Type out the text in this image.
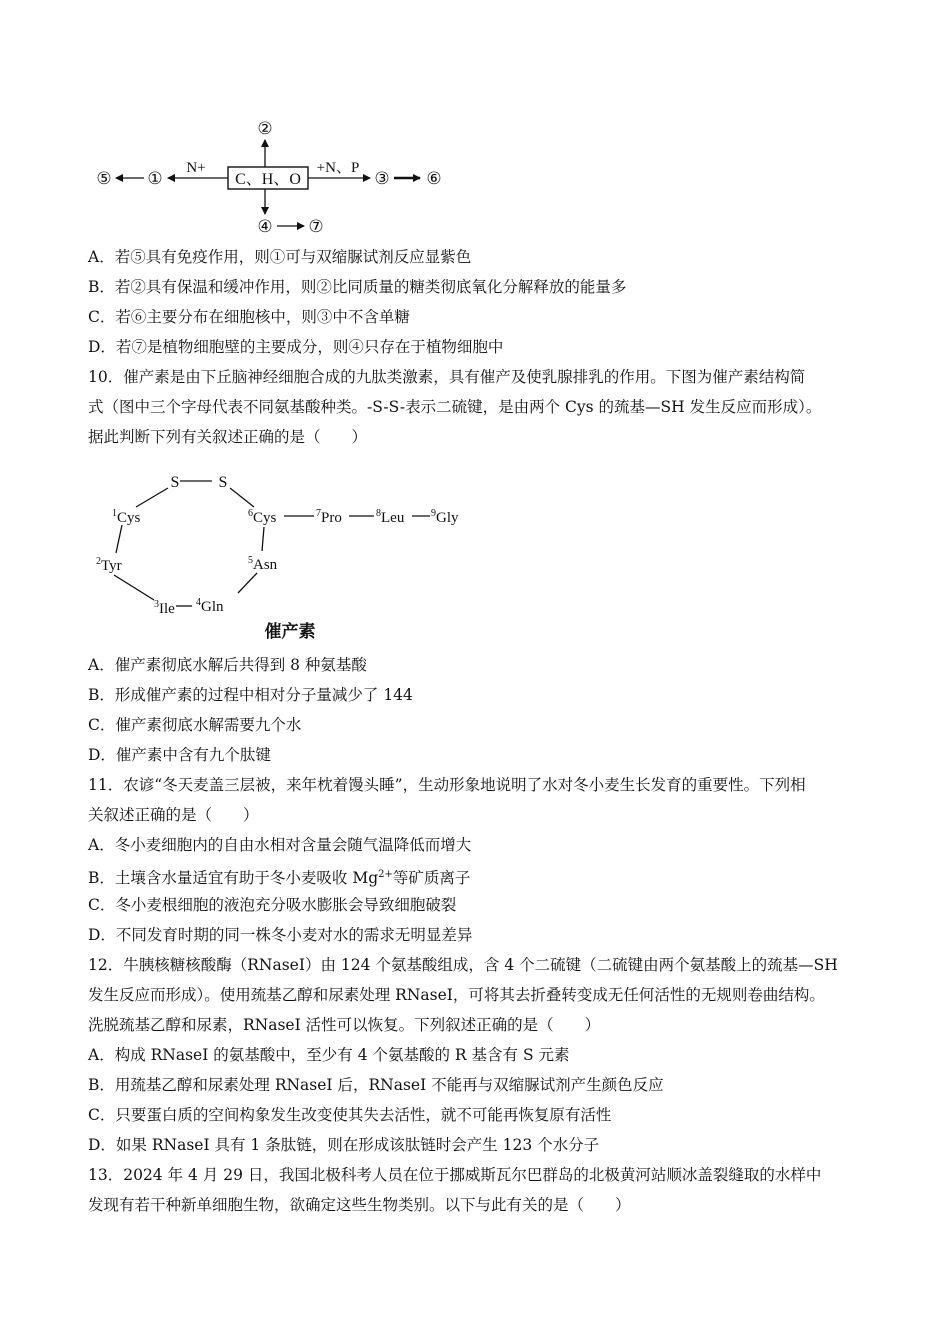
C、H、O
②
④ ⑦
N+
①
⑤
+N、P
③ ⑥
A．若⑤具有免疫作用，则①可与双缩脲试剂反应显紫色
B．若②具有保温和缓冲作用，则②比同质量的糖类彻底氧化分解释放的能量多
C．若⑥主要分布在细胞核中，则③中不含单糖
D．若⑦是植物细胞壁的主要成分，则④只存在于植物细胞中
10．催产素是由下丘脑神经细胞合成的九肽类激素，具有催产及使乳腺排乳的作用。下图为催产素结构简
式（图中三个字母代表不同氨基酸种类。-S-S-表示二硫键，是由两个 Cys 的巯基—SH 发生反应而形成）。
据此判断下列有关叙述正确的是（　　）
S S
$^1$Cys
$^2$Tyr
$^3$Ile $^4$Gln
$^5$Asn
$^6$Cys	$^7$Pro	$^8$Leu	$^9$Gly
催产素
A．催产素彻底水解后共得到 8 种氨基酸
B．形成催产素的过程中相对分子量减少了 144
C．催产素彻底水解需要九个水
D．催产素中含有九个肽键
11．农谚“冬天麦盖三层被，来年枕着馒头睡”，生动形象地说明了水对冬小麦生长发育的重要性。下列相
关叙述正确的是（　　）
A．冬小麦细胞内的自由水相对含量会随气温降低而增大
B．土壤含水量适宜有助于冬小麦吸收 $Mg^{2+}$等矿质离子
C．冬小麦根细胞的液泡充分吸水膨胀会导致细胞破裂
D．不同发育时期的同一株冬小麦对水的需求无明显差异
12．牛胰核糖核酸酶（RNaseI）由 124 个氨基酸组成，含 4 个二硫键（二硫键由两个氨基酸上的巯基—SH
发生反应而形成）。使用巯基乙醇和尿素处理 RNaseI，可将其去折叠转变成无任何活性的无规则卷曲结构。
洗脱巯基乙醇和尿素，RNaseI 活性可以恢复。下列叙述正确的是（　　）
A．构成 RNaseI 的氨基酸中，至少有 4 个氨基酸的 R 基含有 S 元素
B．用巯基乙醇和尿素处理 RNaseI 后，RNaseI 不能再与双缩脲试剂产生颜色反应
C．只要蛋白质的空间构象发生改变使其失去活性，就不可能再恢复原有活性
D．如果 RNaseI 具有 1 条肽链，则在形成该肽链时会产生 123 个水分子
13．2024 年 4 月 29 日，我国北极科考人员在位于挪威斯瓦尔巴群岛的北极黄河站顺冰盖裂缝取的水样中
发现有若干种新单细胞生物，欲确定这些生物类别。以下与此有关的是（　　）
